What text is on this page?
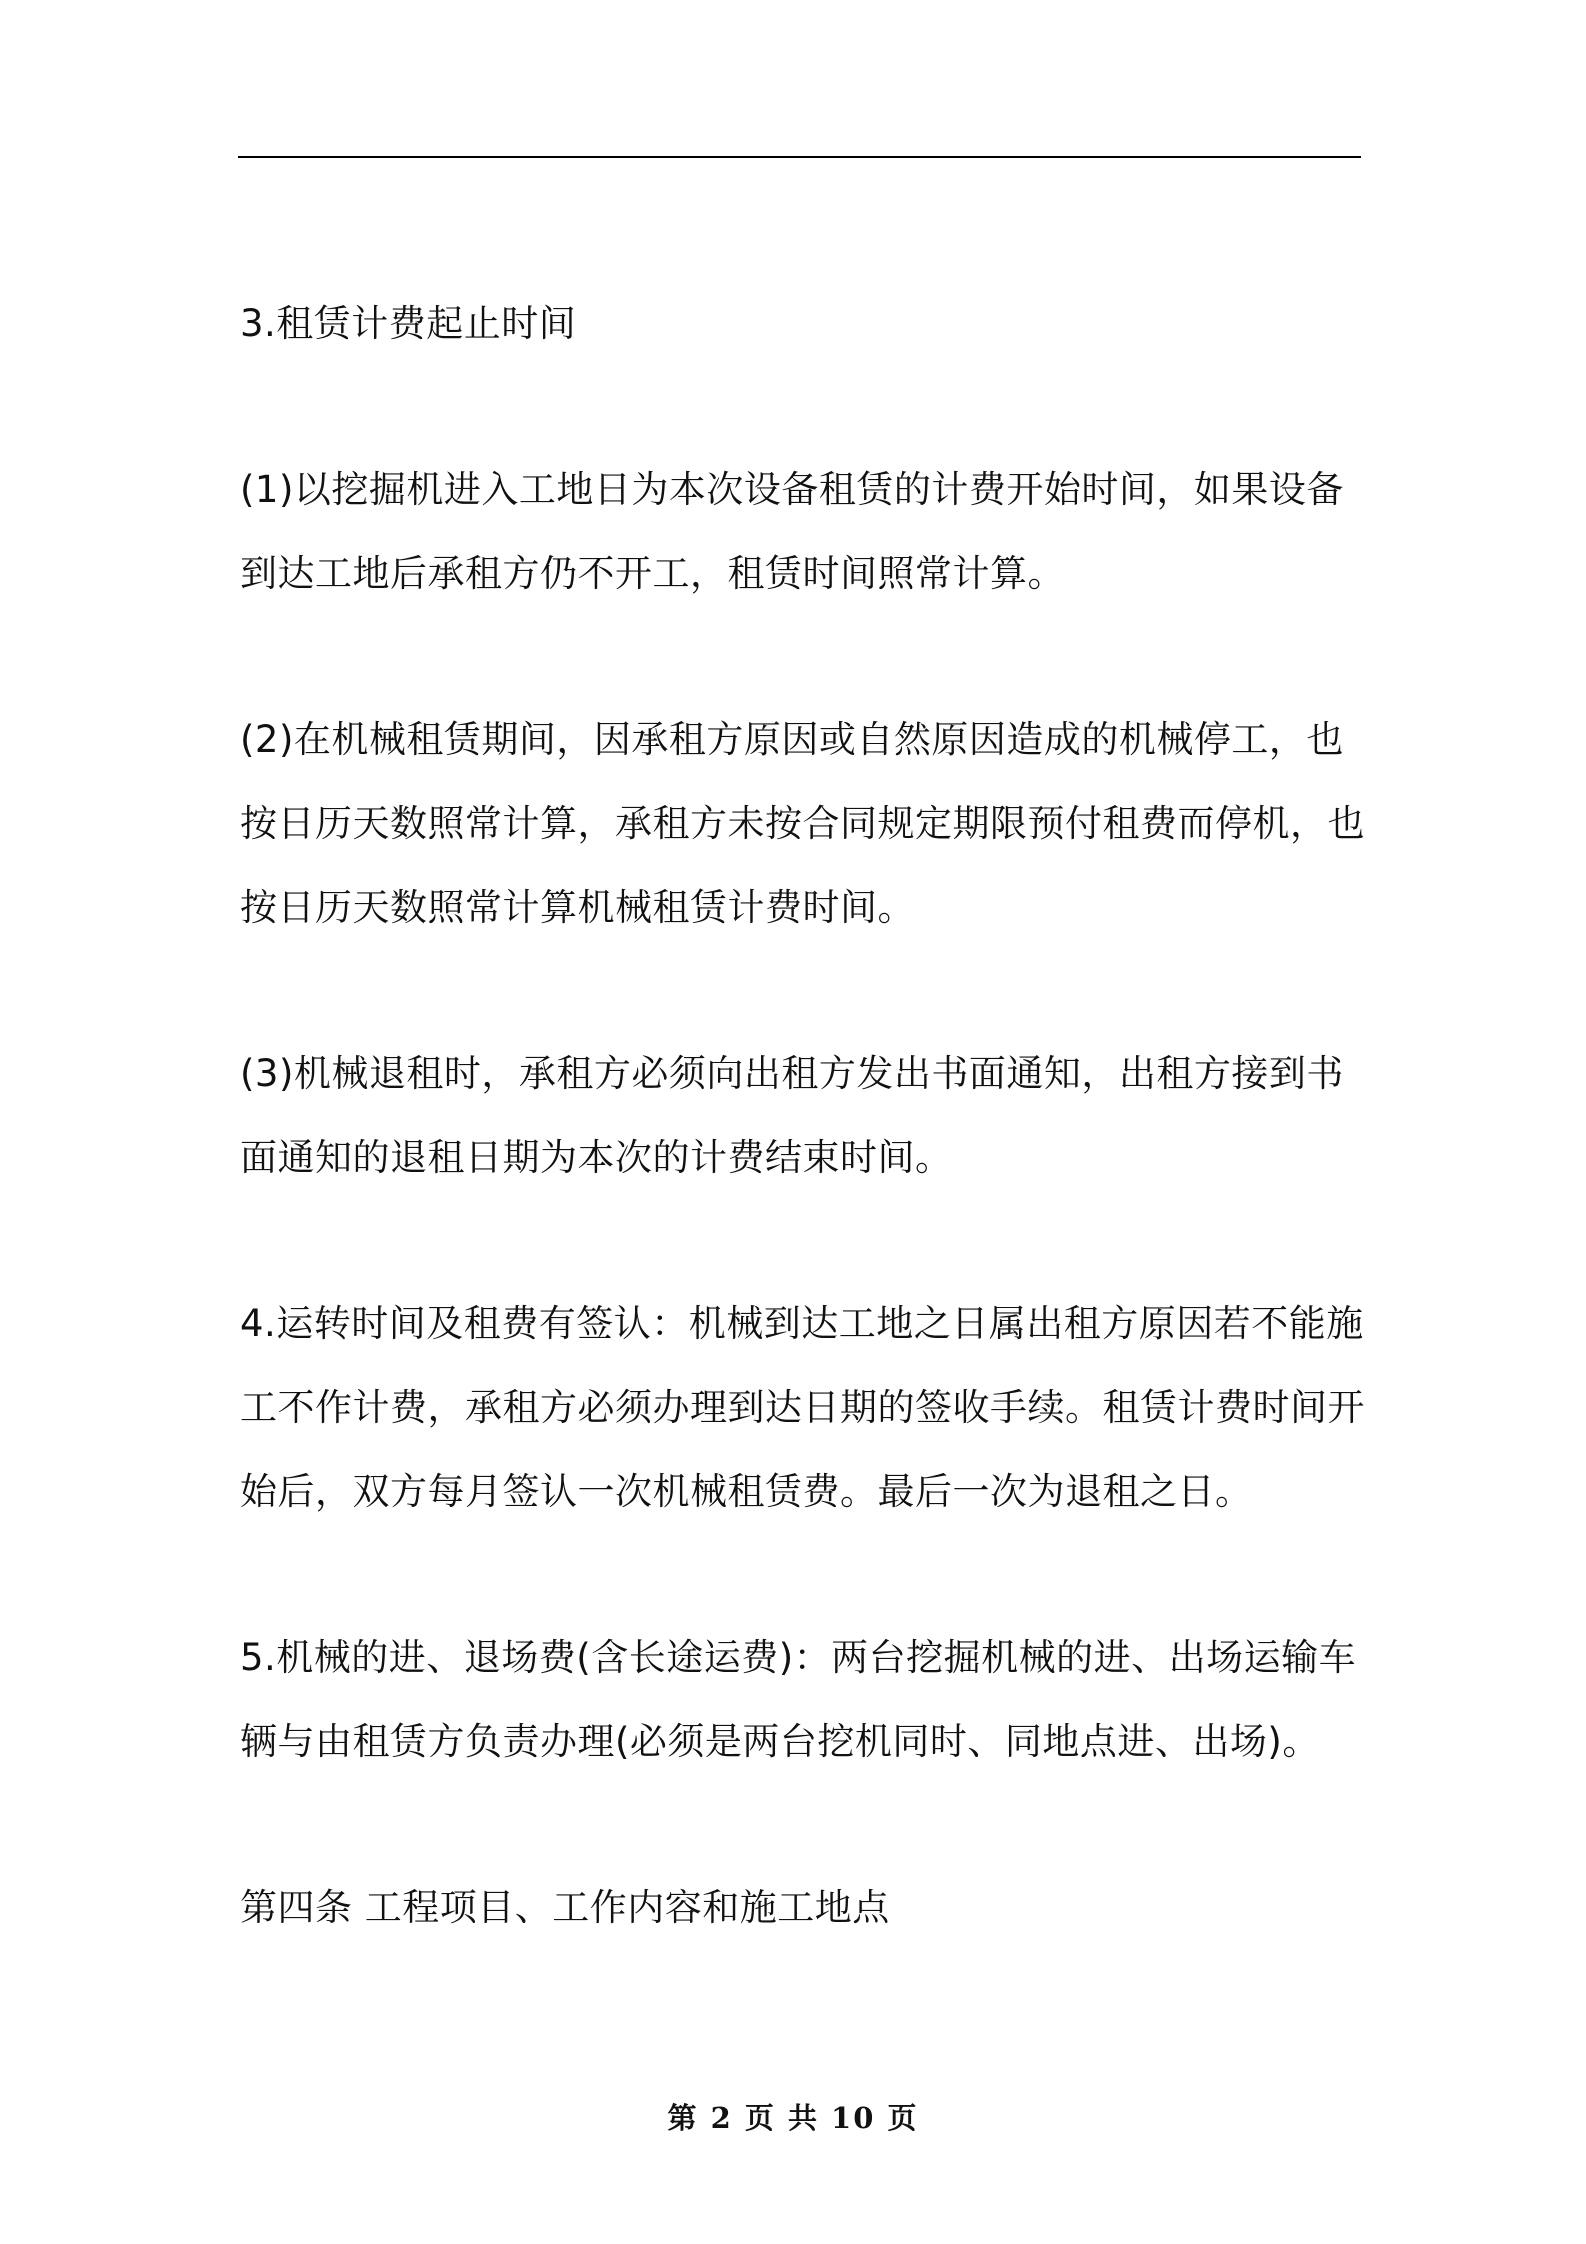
3.租赁计费起止时间

(1)以挖掘机进入工地日为本次设备租赁的计费开始时间，如果设备
到达工地后承租方仍不开工，租赁时间照常计算。

(2)在机械租赁期间，因承租方原因或自然原因造成的机械停工，也
按日历天数照常计算，承租方未按合同规定期限预付租费而停机，也
按日历天数照常计算机械租赁计费时间。

(3)机械退租时，承租方必须向出租方发出书面通知，出租方接到书
面通知的退租日期为本次的计费结束时间。

4.运转时间及租费有签认：机械到达工地之日属出租方原因若不能施
工不作计费，承租方必须办理到达日期的签收手续。租赁计费时间开
始后，双方每月签认一次机械租赁费。最后一次为退租之日。

5.机械的进、退场费(含长途运费)：两台挖掘机械的进、出场运输车
辆与由租赁方负责办理(必须是两台挖机同时、同地点进、出场)。

第四条 工程项目、工作内容和施工地点

第 2 页 共 10 页
